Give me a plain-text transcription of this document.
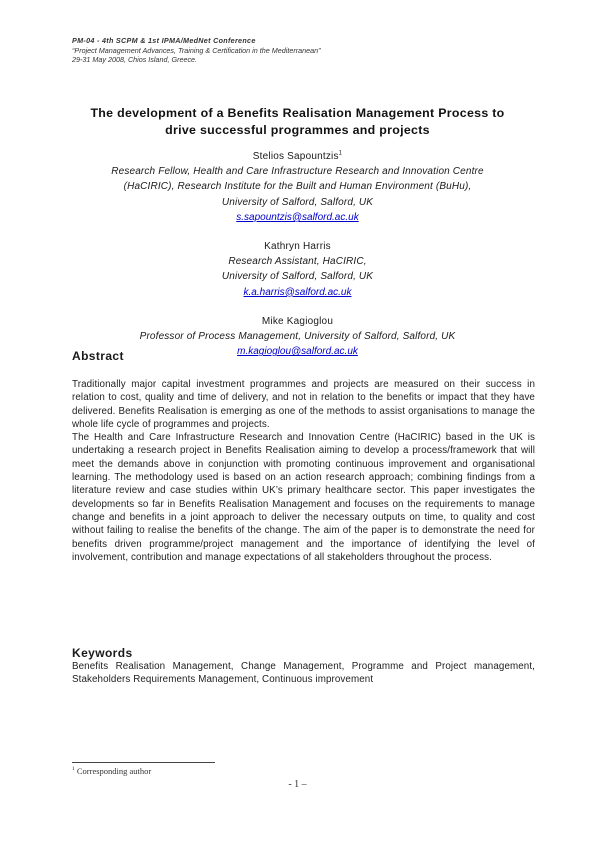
PM-04 - 4th SCPM & 1st IPMA/MedNet Conference
“Project Management Advances, Training & Certification in the Mediterranean”
29-31 May 2008, Chios Island, Greece.
The development of a Benefits Realisation Management Process to
drive successful programmes and projects
Stelios Sapountzis$^1$
Research Fellow, Health and Care Infrastructure Research and Innovation Centre
(HaCIRIC), Research Institute for the Built and Human Environment (BuHu),
University of Salford, Salford, UK
s.sapountzis@salford.ac.uk
Kathryn Harris
Research Assistant, HaCIRIC,
University of Salford, Salford, UK
k.a.harris@salford.ac.uk
Mike Kagioglou
Professor of Process Management, University of Salford, Salford, UK
m.kagioglou@salford.ac.uk
Abstract

Traditionally major capital investment programmes and projects are measured on their success in relation to cost, quality and time of delivery, and not in relation to the benefits or impact that they have delivered. Benefits Realisation is emerging as one of the methods to assist organisations to manage the whole life cycle of programmes and projects.

The Health and Care Infrastructure Research and Innovation Centre (HaCIRIC) based in the UK is undertaking a research project in Benefits Realisation aiming to develop a process/framework that will meet the demands above in conjunction with promoting continuous improvement and organisational learning. The methodology used is based on an action research approach; combining findings from a literature review and case studies within UK’s primary healthcare sector. This paper investigates the developments so far in Benefits Realisation Management and focuses on the requirements to manage change and benefits in a joint approach to deliver the necessary outputs on time, to quality and cost without failing to realise the benefits of the change. The aim of the paper is to demonstrate the need for benefits driven programme/project management and the importance of identifying the level of involvement, contribution and manage expectations of all stakeholders throughout the process.

Keywords
Benefits Realisation Management, Change Management, Programme and Project management, Stakeholders Requirements Management, Continuous improvement
$^1$ Corresponding author
- 1 –
